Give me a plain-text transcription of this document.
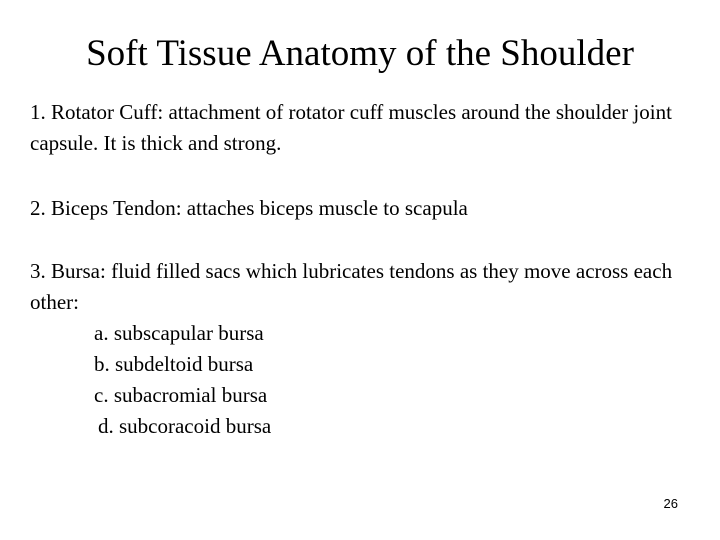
Soft Tissue Anatomy of the Shoulder
1. Rotator Cuff: attachment of rotator cuff muscles around the shoulder joint capsule. It is thick and strong.
2. Biceps Tendon: attaches biceps muscle to scapula
3. Bursa: fluid filled sacs which lubricates tendons as they move across each other:
a. subscapular bursa
b. subdeltoid bursa
c. subacromial bursa
d. subcoracoid bursa
26
